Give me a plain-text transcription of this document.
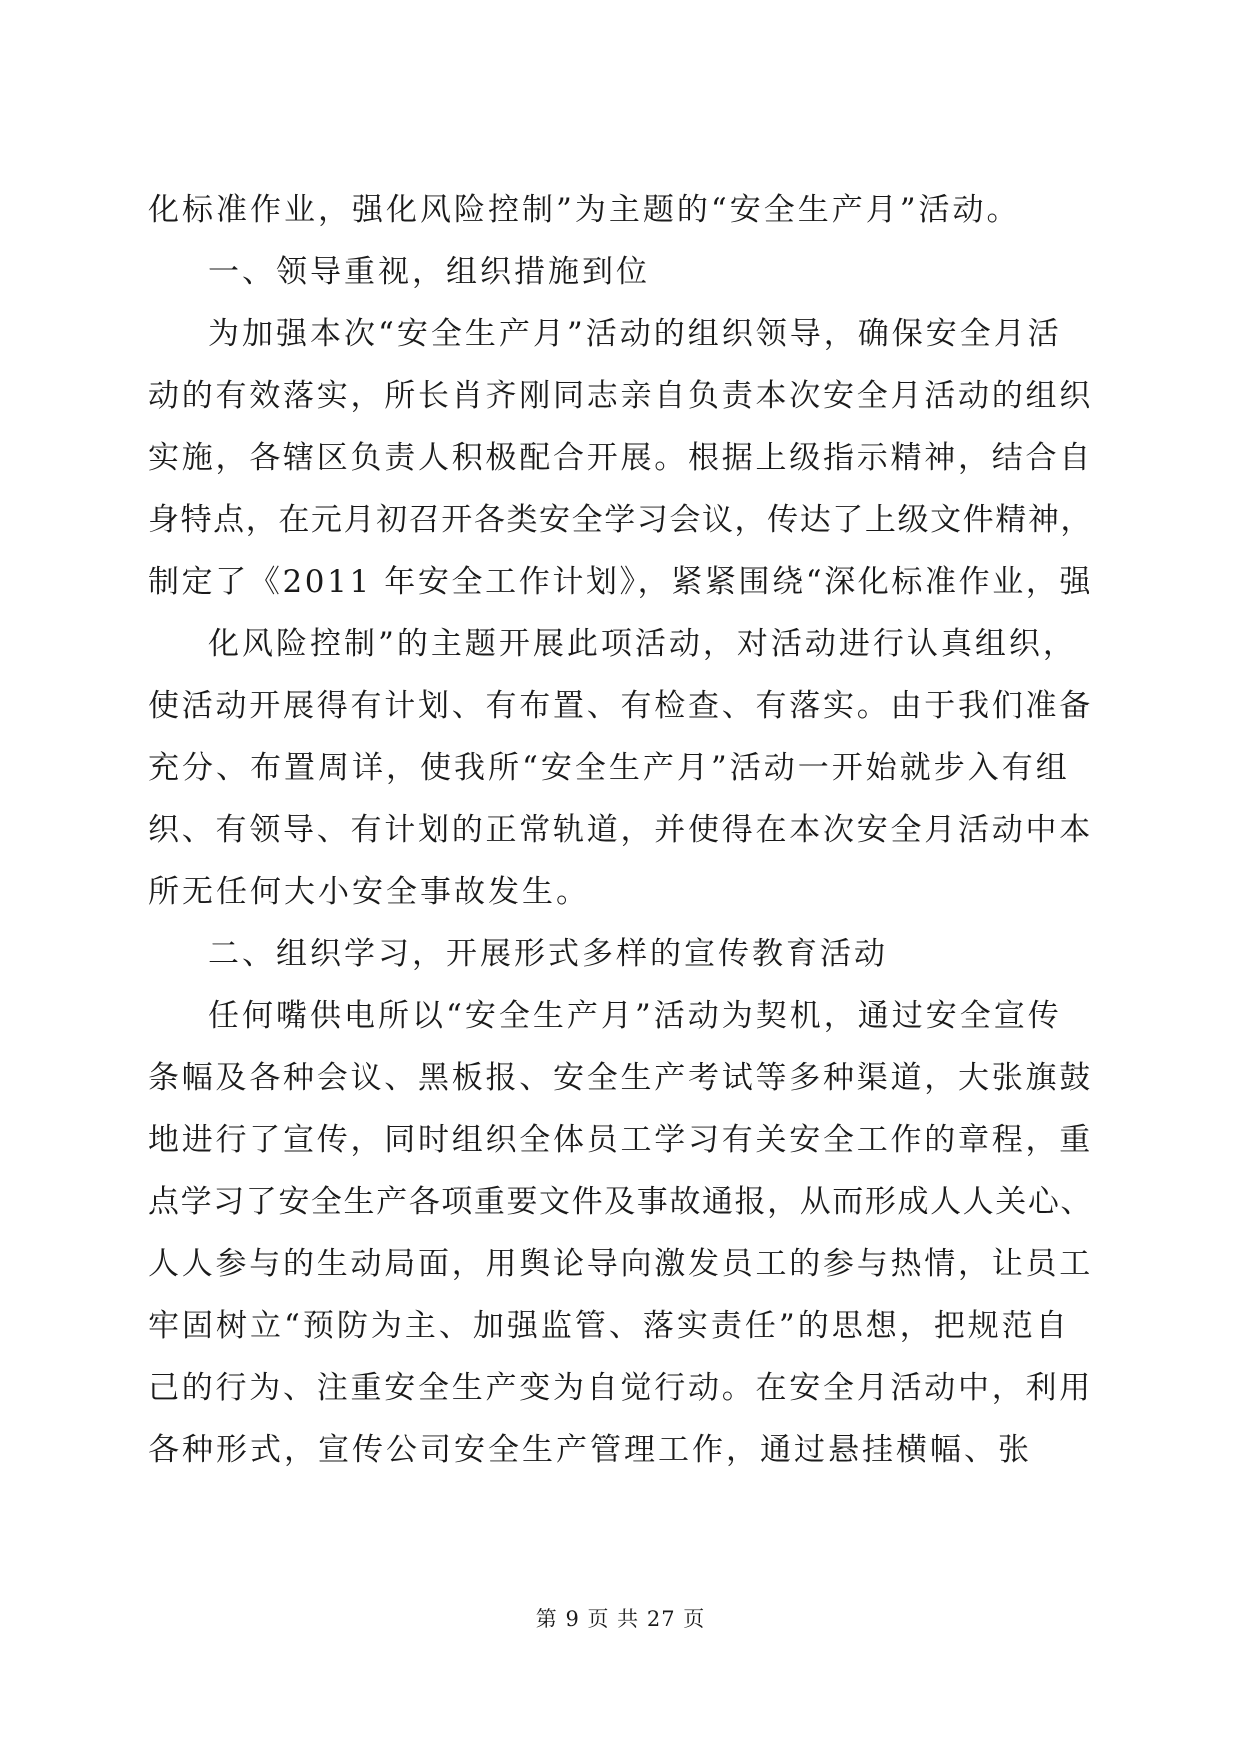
化标准作业，强化风险控制”为主题的“安全生产月”活动。
一、领导重视，组织措施到位
为加强本次“安全生产月”活动的组织领导，确保安全月活
动的有效落实，所长肖齐刚同志亲自负责本次安全月活动的组织
实施，各辖区负责人积极配合开展。根据上级指示精神，结合自
身特点，在元月初召开各类安全学习会议，传达了上级文件精神，
制定了《2011 年安全工作计划》，紧紧围绕“深化标准作业，强
化风险控制”的主题开展此项活动，对活动进行认真组织，
使活动开展得有计划、有布置、有检查、有落实。由于我们准备
充分、布置周详，使我所“安全生产月”活动一开始就步入有组
织、有领导、有计划的正常轨道，并使得在本次安全月活动中本
所无任何大小安全事故发生。
二、组织学习，开展形式多样的宣传教育活动
任何嘴供电所以“安全生产月”活动为契机，通过安全宣传
条幅及各种会议、黑板报、安全生产考试等多种渠道，大张旗鼓
地进行了宣传，同时组织全体员工学习有关安全工作的章程，重
点学习了安全生产各项重要文件及事故通报，从而形成人人关心、
人人参与的生动局面，用舆论导向激发员工的参与热情，让员工
牢固树立“预防为主、加强监管、落实责任”的思想，把规范自
己的行为、注重安全生产变为自觉行动。在安全月活动中，利用
各种形式，宣传公司安全生产管理工作，通过悬挂横幅、张
第 9 页 共 27 页
